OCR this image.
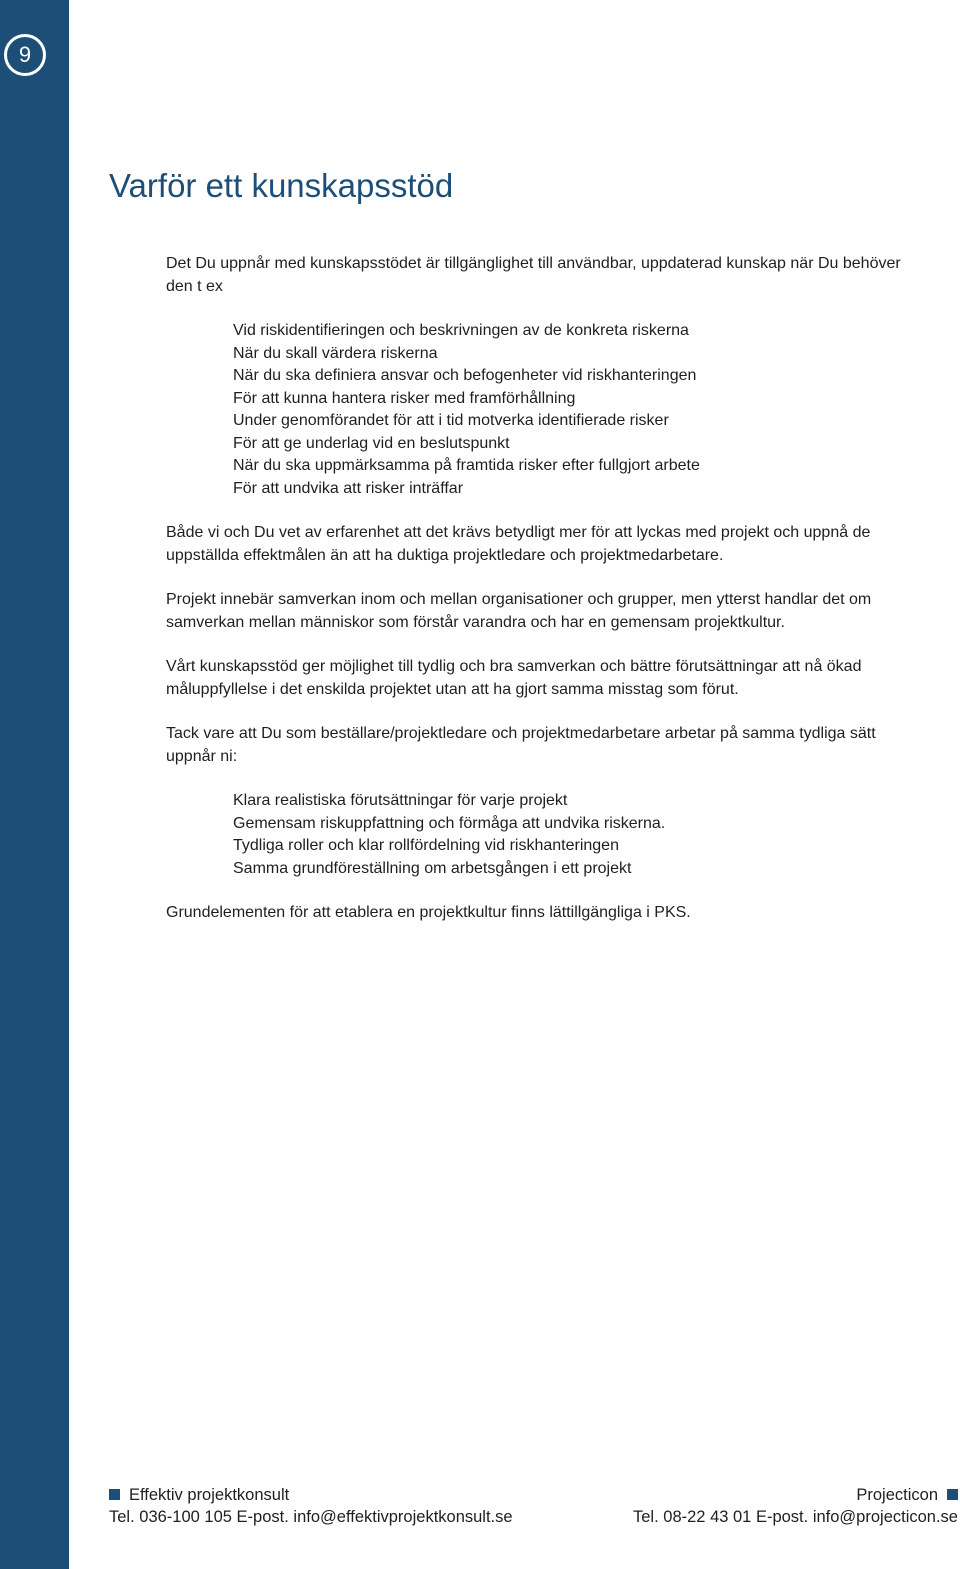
9
Varför ett kunskapsstöd

Det Du uppnår med kunskapsstödet är tillgänglighet till användbar, uppdaterad kunskap när Du behöver den t ex

Vid riskidentifieringen och beskrivningen av de konkreta riskerna
När du skall värdera riskerna
När du ska definiera ansvar och befogenheter vid riskhanteringen
För att kunna hantera risker med framförhållning
Under genomförandet för att i tid motverka identifierade risker
För att ge underlag vid en beslutspunkt
När du ska uppmärksamma på framtida risker efter fullgjort arbete
För att undvika att risker inträffar

Både vi och Du vet av erfarenhet att det krävs betydligt mer för att lyckas med projekt och uppnå de uppställda effektmålen än att ha duktiga projektledare och projektmedarbetare.

Projekt innebär samverkan inom och mellan organisationer och grupper, men ytterst handlar det om samverkan mellan människor som förstår varandra och har en gemensam projektkultur.

Vårt kunskapsstöd ger möjlighet till tydlig och bra samverkan och bättre förutsättningar att nå ökad måluppfyllelse i det enskilda projektet utan att ha gjort samma misstag som förut.

Tack vare att Du som beställare/projektledare och projektmedarbetare arbetar på samma tydliga sätt uppnår ni:

Klara realistiska förutsättningar för varje projekt
Gemensam riskuppfattning och förmåga att undvika riskerna.
Tydliga roller och klar rollfördelning vid riskhanteringen
Samma grundföreställning om arbetsgången i ett projekt

Grundelementen för att etablera en projektkultur finns lättillgängliga i PKS.

Effektiv projektkonsult
Tel. 036-100 105 E-post. info@effektivprojektkonsult.se
Projecticon
Tel. 08-22 43 01 E-post. info@projecticon.se
